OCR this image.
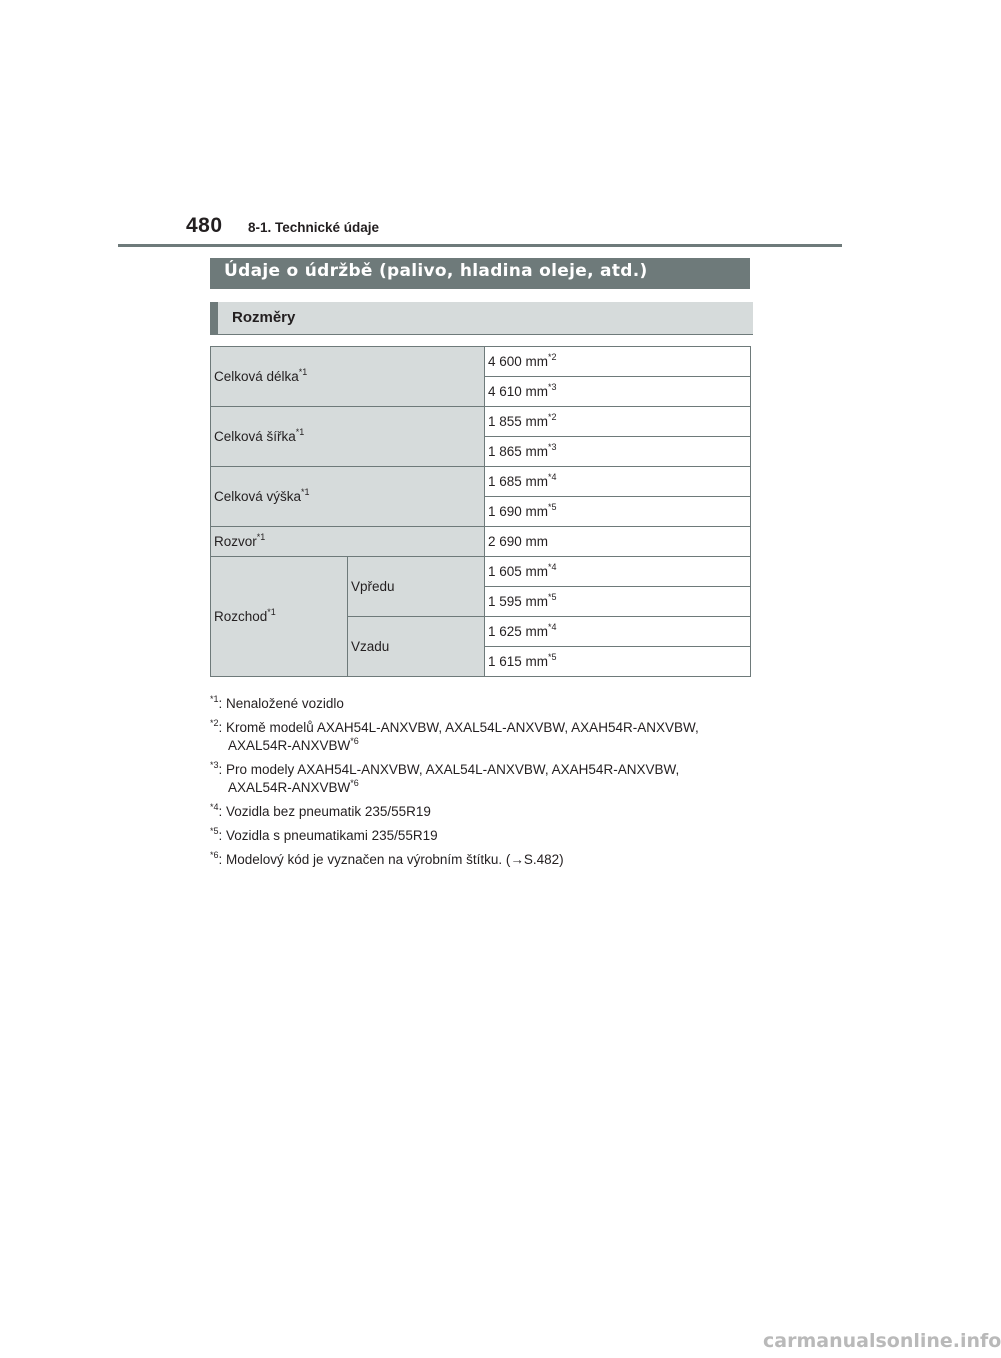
480 8-1. Technické údaje
Údaje o údržbě (palivo, hladina oleje, atd.)
Rozměry
Celková délka$^{*1}$		4 600 $mm^{*2}$
		4 610 $mm^{*3}$
Celková šířka$^{*1}$		1 855 $mm^{*2}$
		1 865 $mm^{*3}$
Celková výška$^{*1}$		1 685 $mm^{*4}$
		1 690 $mm^{*5}$
Rozvor$^{*1}$		2 690 mm
Rozchod$^{*1}$	Vpředu	1 605 $mm^{*4}$
		1 595 $mm^{*5}$
	Vzadu	1 625 $mm^{*4}$
		1 615 $mm^{*5}$
$^{*1}$: Nenaložené vozidlo
$^{*2}$: Kromě modelů AXAH54L-ANXVBW, AXAL54L-ANXVBW, AXAH54R-ANXVBW,
AXAL54R-ANXVBW$^{*6}$
$^{*3}$: Pro modely AXAH54L-ANXVBW, AXAL54L-ANXVBW, AXAH54R-ANXVBW,
AXAL54R-ANXVBW$^{*6}$
$^{*4}$: Vozidla bez pneumatik 235/55R19
$^{*5}$: Vozidla s pneumatikami 235/55R19
$^{*6}$: Modelový kód je vyznačen na výrobním štítku. (→S.482)
carmanualsonline.info
